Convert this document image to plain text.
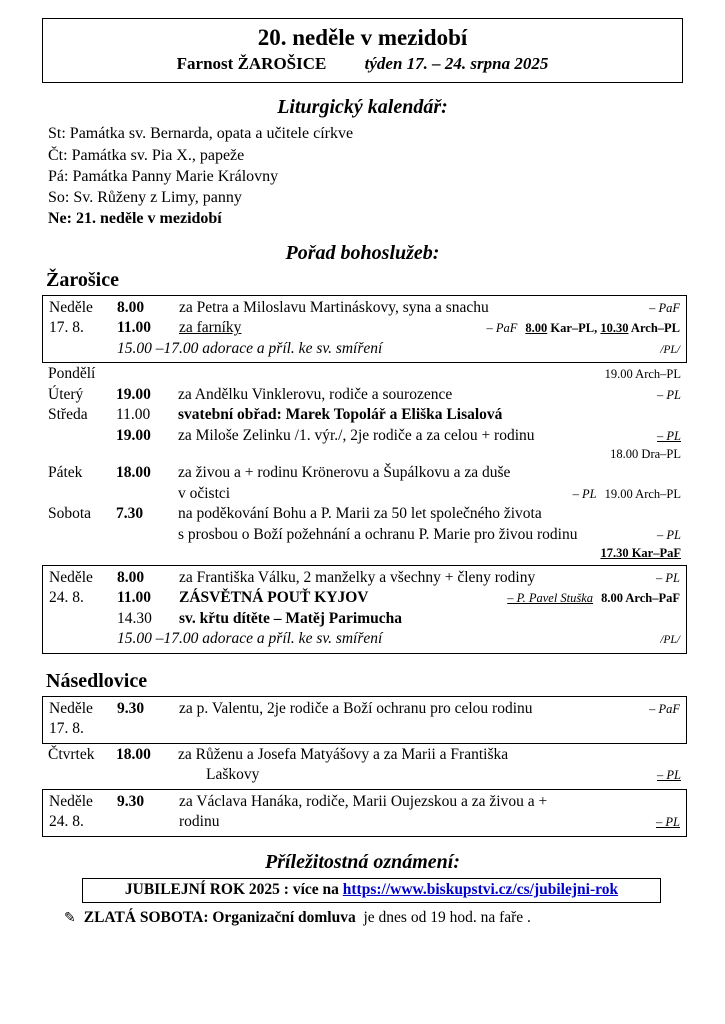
20. neděle v mezidobí
Farnost ŽAROŠICE týden 17. – 24. srpna 2025
Liturgický kalendář:
St: Památka sv. Bernarda, opata a učitele církve
Čt: Památka sv. Pia X., papeže
Pá: Památka Panny Marie Královny
So: Sv. Růženy z Limy, panny
Ne: 21. neděle v mezidobí
Pořad bohoslužeb:
Žarošice
Neděle	8.00	za Petra a Miloslavu Martináskovy, syna a snachu	– PaF
17. 8.	11.00	za farníky	– PaF 8.00 Kar–PL, 10.30 Arch–PL
15.00 –17.00 adorace a příl. ke sv. smíření	/PL/
Pondělí	19.00 Arch–PL
Úterý	19.00	za Andělku Vinklerovu, rodiče a sourozence	– PL
Středa	11.00	svatební obřad: Marek Topolář a Eliška Lisalová
19.00	za Miloše Zelinku /1. výr./, 2je rodiče a za celou + rodinu	– PL
18.00 Dra–PL
Pátek	18.00	za živou a + rodinu Krönerovu a Šupálkovu a za duše
v očistci	– PL 19.00 Arch–PL
Sobota	7.30	na poděkování Bohu a P. Marii za 50 let společného života
s prosbou o Boží požehnání a ochranu P. Marie pro živou rodinu	– PL
17.30 Kar–PaF
Neděle	8.00	za Františka Válku, 2 manželky a všechny + členy rodiny	– PL
24. 8.	11.00	ZÁSVĚTNÁ POUŤ KYJOV	– P. Pavel Stuška 8.00 Arch–PaF
14.30	sv. křtu dítěte – Matěj Parimucha
15.00 –17.00 adorace a příl. ke sv. smíření	/PL/
Násedlovice
Neděle	9.30	za p. Valentu, 2je rodiče a Boží ochranu pro celou rodinu	– PaF
17. 8.
Čtvrtek	18.00	za Růženu a Josefa Matyášovy a za Marii a Františka
Laškovy	– PL
Neděle	9.30	za Václava Hanáka, rodiče, Marii Oujezskou a za živou a +
24. 8.	rodinu	– PL
Příležitostná oznámení:
JUBILEJNÍ ROK 2025 : více na https://www.biskupstvi.cz/cs/jubilejni-rok
✎ ZLATÁ SOBOTA: Organizační domluva je dnes od 19 hod. na faře .
